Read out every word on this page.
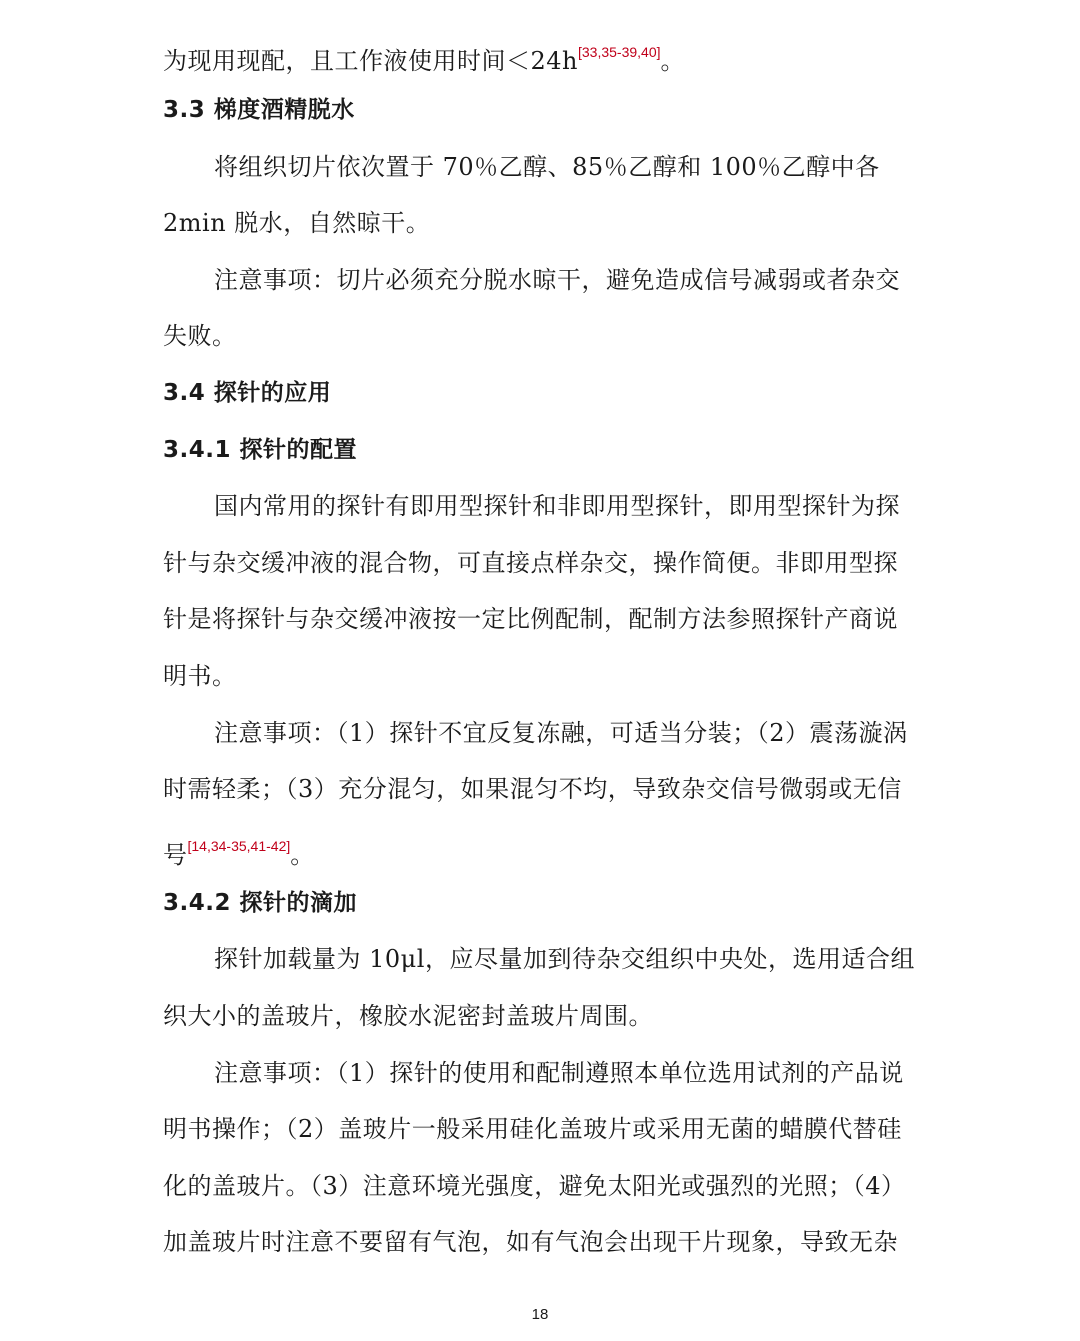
为现用现配，且工作液使用时间＜24h[33,35-39,40]。
3.3 梯度酒精脱水
将组织切片依次置于 70％乙醇、85％乙醇和 100％乙醇中各
2min 脱水，自然晾干。
注意事项：切片必须充分脱水晾干，避免造成信号减弱或者杂交
失败。
3.4 探针的应用
3.4.1 探针的配置
国内常用的探针有即用型探针和非即用型探针，即用型探针为探
针与杂交缓冲液的混合物，可直接点样杂交，操作简便。非即用型探
针是将探针与杂交缓冲液按一定比例配制，配制方法参照探针产商说
明书。
注意事项：（1）探针不宜反复冻融，可适当分装；（2）震荡漩涡
时需轻柔；（3）充分混匀，如果混匀不均，导致杂交信号微弱或无信
号[14,34-35,41-42]。
3.4.2 探针的滴加
探针加载量为 10μl，应尽量加到待杂交组织中央处，选用适合组
织大小的盖玻片，橡胶水泥密封盖玻片周围。
注意事项：（1）探针的使用和配制遵照本单位选用试剂的产品说
明书操作；（2）盖玻片一般采用硅化盖玻片或采用无菌的蜡膜代替硅
化的盖玻片。（3）注意环境光强度，避免太阳光或强烈的光照；（4）
加盖玻片时注意不要留有气泡，如有气泡会出现干片现象，导致无杂
18
